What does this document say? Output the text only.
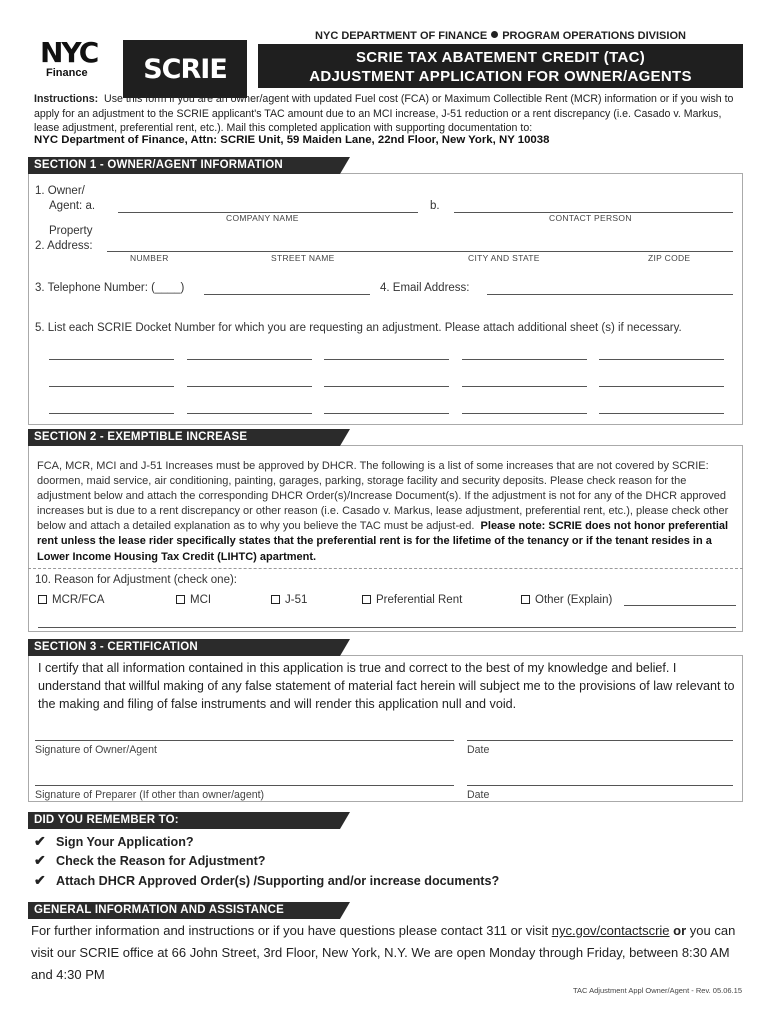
NYC
Finance	SCRIE
NYC DEPARTMENT OF FINANCE PROGRAM OPERATIONS DIVISION
SCRIE TAX ABATEMENT CREDIT (TAC)
ADJUSTMENT APPLICATION FOR OWNER/AGENTS
Instructions: Use this form if you are an owner/agent with updated Fuel cost (FCA) or Maximum Collectible Rent (MCR) information or if you wish to apply for an adjustment to the SCRIE applicant's TAC amount due to an MCI increase, J-51 reduction or a rent discrepancy (i.e. Casado v. Markus, lease adjustment, preferential rent, etc.). Mail this completed application with supporting documentation to:
NYC Department of Finance, Attn: SCRIE Unit, 59 Maiden Lane, 22nd Floor, New York, NY 10038
SECTION 1 - OWNER/AGENT INFORMATION
1. Owner/
Agent: a.
COMPANY NAME
b.
CONTACT PERSON
Property
2. Address:
NUMBER	STREET NAME	CITY AND STATE	ZIP CODE
3. Telephone Number: (____)	4. Email Address:
5. List each SCRIE Docket Number for which you are requesting an adjustment. Please attach additional sheet (s) if necessary.
SECTION 2 - EXEMPTIBLE INCREASE
FCA, MCR, MCI and J-51 Increases must be approved by DHCR. The following is a list of some increases that are not covered by SCRIE: doormen, maid service, air conditioning, painting, garages, parking, storage facility and security deposits. Please check reason for the adjustment below and attach the corresponding DHCR Order(s)/Increase Document(s). If the adjustment is not for any of the DHCR approved increases but is due to a rent discrepancy or other reason (i.e. Casado v. Markus, lease adjustment, preferential rent, etc.), please check other below and attach a detailed explanation as to why you believe the TAC must be adjust-ed. Please note: SCRIE does not honor preferential rent unless the lease rider specifically states that the preferential rent is for the lifetime of the tenancy or if the tenant resides in a Lower Income Housing Tax Credit (LIHTC) apartment.
10. Reason for Adjustment (check one):
MCR/FCA	MCI	J-51	Preferential Rent	Other (Explain)
SECTION 3 - CERTIFICATION
I certify that all information contained in this application is true and correct to the best of my knowledge and belief. I understand that willful making of any false statement of material fact herein will subject me to the provisions of law relevant to the making and filing of false instruments and will render this application null and void.
Signature of Owner/Agent	Date
Signature of Preparer (If other than owner/agent)	Date
DID YOU REMEMBER TO:
✔ Sign Your Application?
✔ Check the Reason for Adjustment?
✔ Attach DHCR Approved Order(s) /Supporting and/or increase documents?
GENERAL INFORMATION AND ASSISTANCE
For further information and instructions or if you have questions please contact 311 or visit nyc.gov/contactscrie or you can visit our SCRIE office at 66 John Street, 3rd Floor, New York, N.Y. We are open Monday through Friday, between 8:30 AM and 4:30 PM
TAC Adjustment Appl Owner/Agent - Rev. 05.06.15
